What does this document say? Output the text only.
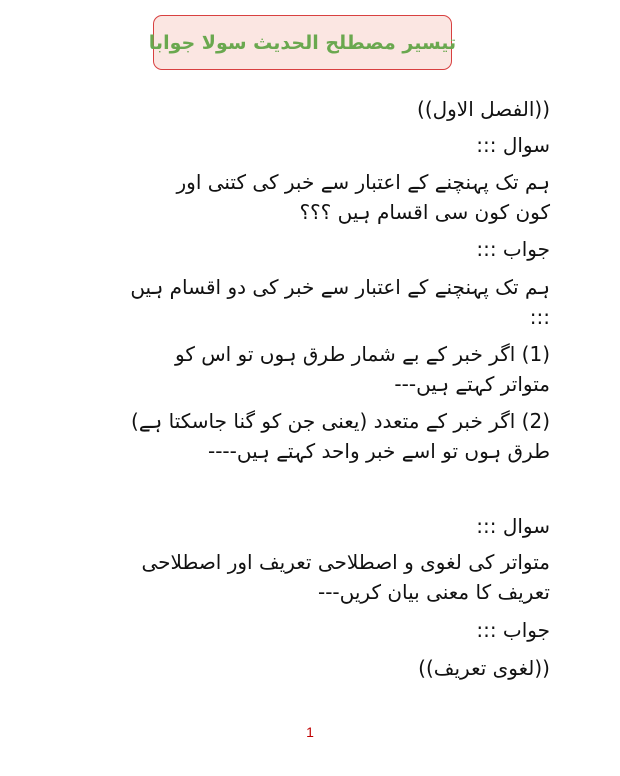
تیسیر مصطلح الحدیث سولا جوابا

((الفصل الاول))

سوال :::

ہم تک پہنچنے کے اعتبار سے خبر کی کتنی اور

کون کون سی اقسام ہیں ؟؟؟

جواب :::

ہم تک پہنچنے کے اعتبار سے خبر کی دو اقسام ہیں

:::

(1) اگر خبر کے بے شمار طرق ہوں تو اس کو

متواتر کہتے ہیں---

(2) اگر خبر کے متعدد (یعنی جن کو گنا جاسکتا ہے)

طرق ہوں تو اسے خبر واحد کہتے ہیں----

سوال :::

متواتر کی لغوی و اصطلاحی تعریف اور اصطلاحی

تعریف کا معنی بیان کریں---

جواب :::

((لغوی تعریف))

1
